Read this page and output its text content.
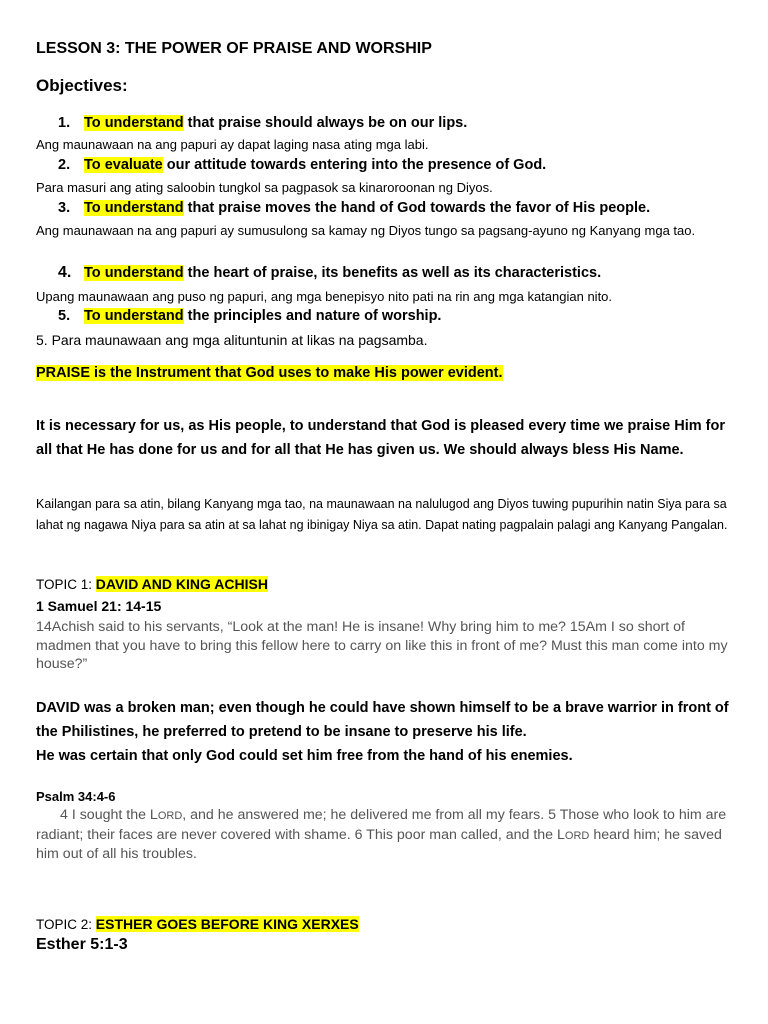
LESSON 3: THE POWER OF PRAISE AND WORSHIP
Objectives:
1. To understand that praise should always be on our lips.
Ang maunawaan na ang papuri ay dapat laging nasa ating mga labi.
2. To evaluate our attitude towards entering into the presence of God.
Para masuri ang ating saloobin tungkol sa pagpasok sa kinaroroonan ng Diyos.
3. To understand that praise moves the hand of God towards the favor of His people.
Ang maunawaan na ang papuri ay sumusulong sa kamay ng Diyos tungo sa pagsang-ayuno ng Kanyang mga tao.
4. To understand the heart of praise, its benefits as well as its characteristics.
Upang maunawaan ang puso ng papuri, ang mga benepisyo nito pati na rin ang mga katangian nito.
5. To understand the principles and nature of worship.
5. Para maunawaan ang mga alituntunin at likas na pagsamba.
PRAISE is the Instrument that God uses to make His power evident.
It is necessary for us, as His people, to understand that God is pleased every time we praise Him for all that He has done for us and for all that He has given us. We should always bless His Name.
Kailangan para sa atin, bilang Kanyang mga tao, na maunawaan na nalulugod ang Diyos tuwing pupurihin natin Siya para sa lahat ng nagawa Niya para sa atin at sa lahat ng ibinigay Niya sa atin. Dapat nating pagpalain palagi ang Kanyang Pangalan.
TOPIC 1: DAVID AND KING ACHISH
1 Samuel 21: 14-15
14Achish said to his servants, “Look at the man! He is insane! Why bring him to me? 15Am I so short of madmen that you have to bring this fellow here to carry on like this in front of me? Must this man come into my house?”
DAVID was a broken man; even though he could have shown himself to be a brave warrior in front of the Philistines, he preferred to pretend to be insane to preserve his life.
He was certain that only God could set him free from the hand of his enemies.
Psalm 34:4-6
4 I sought the LORD, and he answered me; he delivered me from all my fears. 5 Those who look to him are radiant; their faces are never covered with shame. 6 This poor man called, and the LORD heard him; he saved him out of all his troubles.
TOPIC 2: ESTHER GOES BEFORE KING XERXES
Esther 5:1-3
